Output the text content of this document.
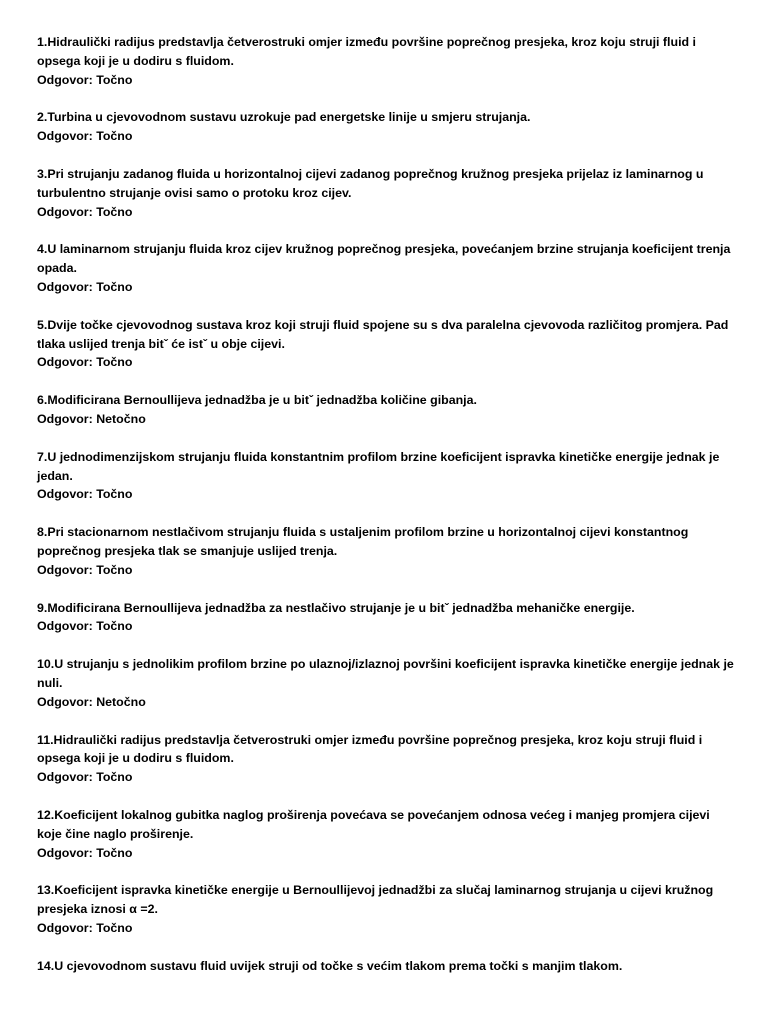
1.Hidraulički radijus predstavlja četverostruki omjer između površine poprečnog presjeka, kroz koju struji fluid i opsega koji je u dodiru s fluidom.
Odgovor: Točno
2.Turbina u cjevovodnom sustavu uzrokuje pad energetske linije u smjeru strujanja.
Odgovor: Točno
3.Pri strujanju zadanog fluida u horizontalnoj cijevi zadanog poprečnog kružnog presjeka prijelaz iz laminarnog u turbulentno strujanje ovisi samo o protoku kroz cijev.
Odgovor: Točno
4.U laminarnom strujanju fluida kroz cijev kružnog poprečnog presjeka, povećanjem brzine strujanja koeficijent trenja opada.
Odgovor: Točno
5.Dvije točke cjevovodnog sustava kroz koji struji fluid spojene su s dva paralelna cjevovoda različitog promjera. Pad tlaka uslijed trenja bitˇ će istˇ u obje cijevi.
Odgovor: Točno
6.Modificirana Bernoullijeva jednadžba je u bitˇ jednadžba količine gibanja.
Odgovor: Netočno
7.U jednodimenzijskom strujanju fluida konstantnim profilom brzine koeficijent ispravka kinetičke energije jednak je jedan.
Odgovor: Točno
8.Pri stacionarnom nestlačivom strujanju fluida s ustaljenim profilom brzine u horizontalnoj cijevi konstantnog poprečnog presjeka tlak se smanjuje uslijed trenja.
Odgovor: Točno
9.Modificirana Bernoullijeva jednadžba za nestlačivo strujanje je u bitˇ jednadžba mehaničke energije.
Odgovor: Točno
10.U strujanju s jednolikim profilom brzine po ulaznoj/izlaznoj površini koeficijent ispravka kinetičke energije jednak je nuli.
Odgovor: Netočno
11.Hidraulički radijus predstavlja četverostruki omjer između površine poprečnog presjeka, kroz koju struji fluid i opsega koji je u dodiru s fluidom.
Odgovor: Točno
12.Koeficijent lokalnog gubitka naglog proširenja povećava se povećanjem odnosa većeg i manjeg promjera cijevi koje čine naglo proširenje.
Odgovor: Točno
13.Koeficijent ispravka kinetičke energije u Bernoullijevoj jednadžbi za slučaj laminarnog strujanja u cijevi kružnog presjeka iznosi α =2.
Odgovor: Točno
14.U cjevovodnom sustavu fluid uvijek struji od točke s većim tlakom prema točki s manjim tlakom.
